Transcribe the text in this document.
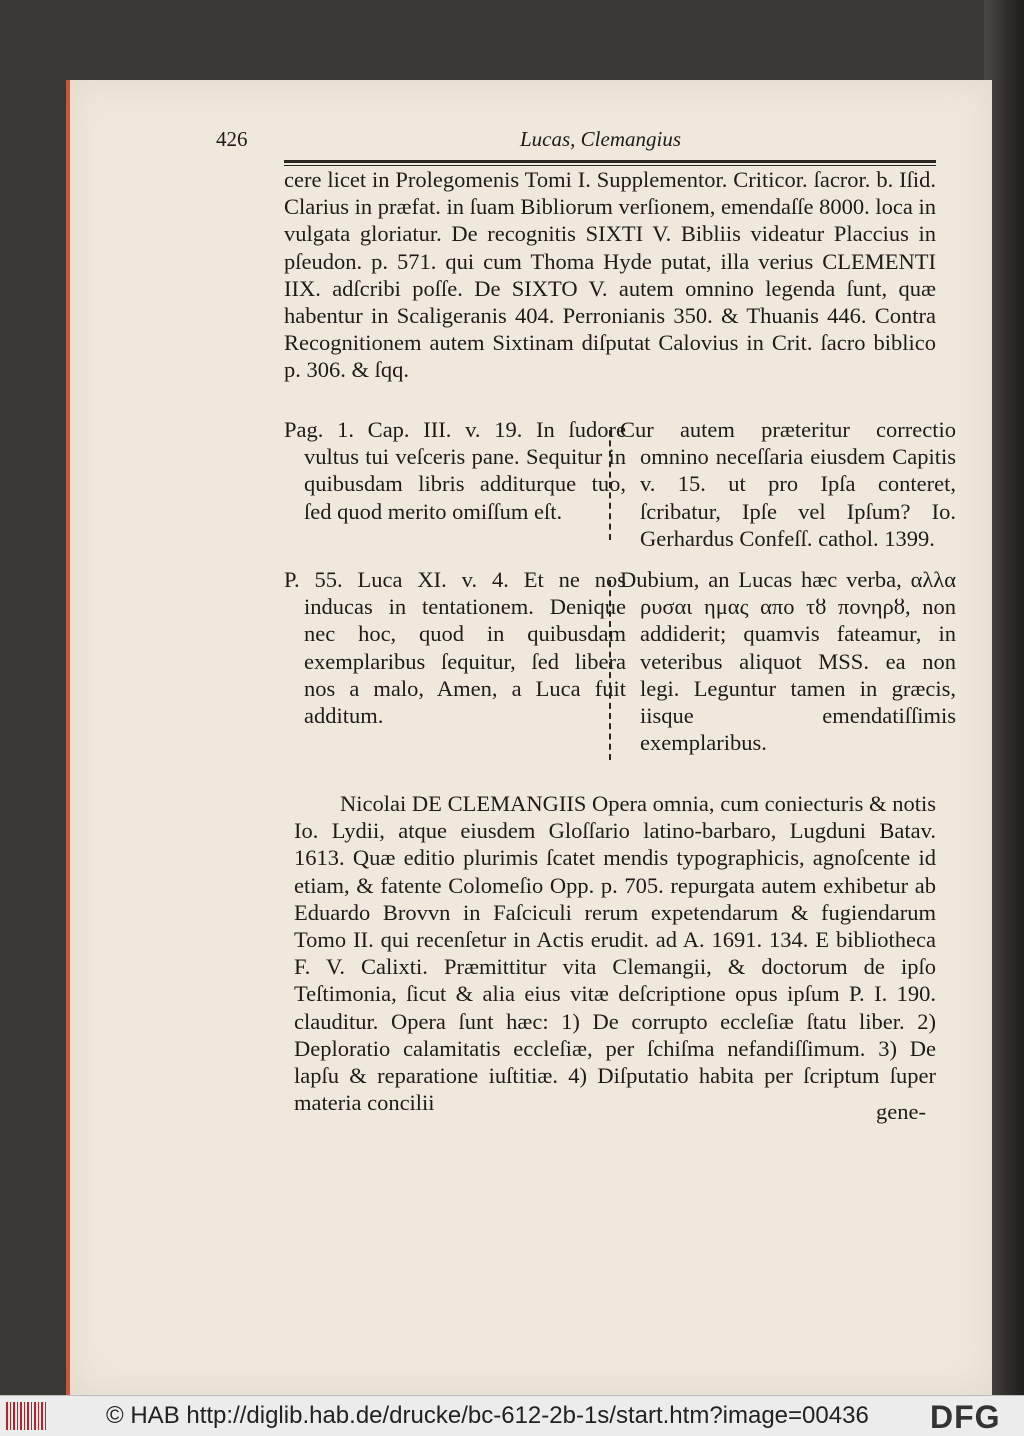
426	Lucas, Clemangius
cere licet in Prolegomenis Tomi I. Supplementor. Criticor. ſacror. b. Iſid. Clarius in præfat. in ſuam Bibliorum verſionem, emendaſſe 8000. loca in vulgata gloriatur. De recognitis SIXTI V. Bibliis videatur Placcius in pſeudon. p. 571. qui cum Thoma Hyde putat, illa verius CLEMENTI IIX. adſcribi poſſe. De SIXTO V. autem omnino legenda ſunt, quæ habentur in Scaligeranis 404. Perronianis 350. & Thuanis 446. Contra Recognitionem autem Sixtinam diſputat Calovius in Crit. ſacro biblico p. 306. & ſqq.
Pag. 1. Cap. III. v. 19. In ſudore vultus tui veſceris pane. Sequitur in quibusdam libris additurque tuo, ſed quod merito omiſſum eſt.
P. 55. Luca XI. v. 4. Et ne nos inducas in tentationem. Denique nec hoc, quod in quibusdam exemplaribus ſequitur, ſed libera nos a malo, Amen, a Luca fuit additum.
Cur autem præteritur correctio omnino neceſſaria eiusdem Capitis v. 15. ut pro Ipſa conteret, ſcribatur, Ipſe vel Ipſum? Io. Gerhardus Confeſſ. cathol. 1399.
Dubium, an Lucas hæc verba, αλλα ρυσαι ημας απο τȣ πονηρȣ, non addiderit; quamvis fateamur, in veteribus aliquot MSS. ea non legi. Leguntur tamen in græcis, iisque emendatiſſimis exemplaribus.
Nicolai DE CLEMANGIIS Opera omnia, cum coniecturis & notis Io. Lydii, atque eiusdem Gloſſario latino-barbaro, Lugduni Batav. 1613. Quæ editio plurimis ſcatet mendis typographicis, agnoſcente id etiam, & fatente Colomeſio Opp. p. 705. repurgata autem exhibetur ab Eduardo Brovvn in Faſciculi rerum expetendarum & fugiendarum Tomo II. qui recenſetur in Actis erudit. ad A. 1691. 134. E bibliotheca F. V. Calixti. Præmittitur vita Clemangii, & doctorum de ipſo Teſtimonia, ſicut & alia eius vitæ deſcriptione opus ipſum P. I. 190. clauditur. Opera ſunt hæc: 1) De corrupto eccleſiæ ſtatu liber. 2) Deploratio calamitatis eccleſiæ, per ſchiſma nefandiſſimum. 3) De lapſu & reparatione iuſtitiæ. 4) Diſputatio habita per ſcriptum ſuper materia concilii	gene-
© HAB http://diglib.hab.de/drucke/bc-612-2b-1s/start.htm?image=00436 DFG
